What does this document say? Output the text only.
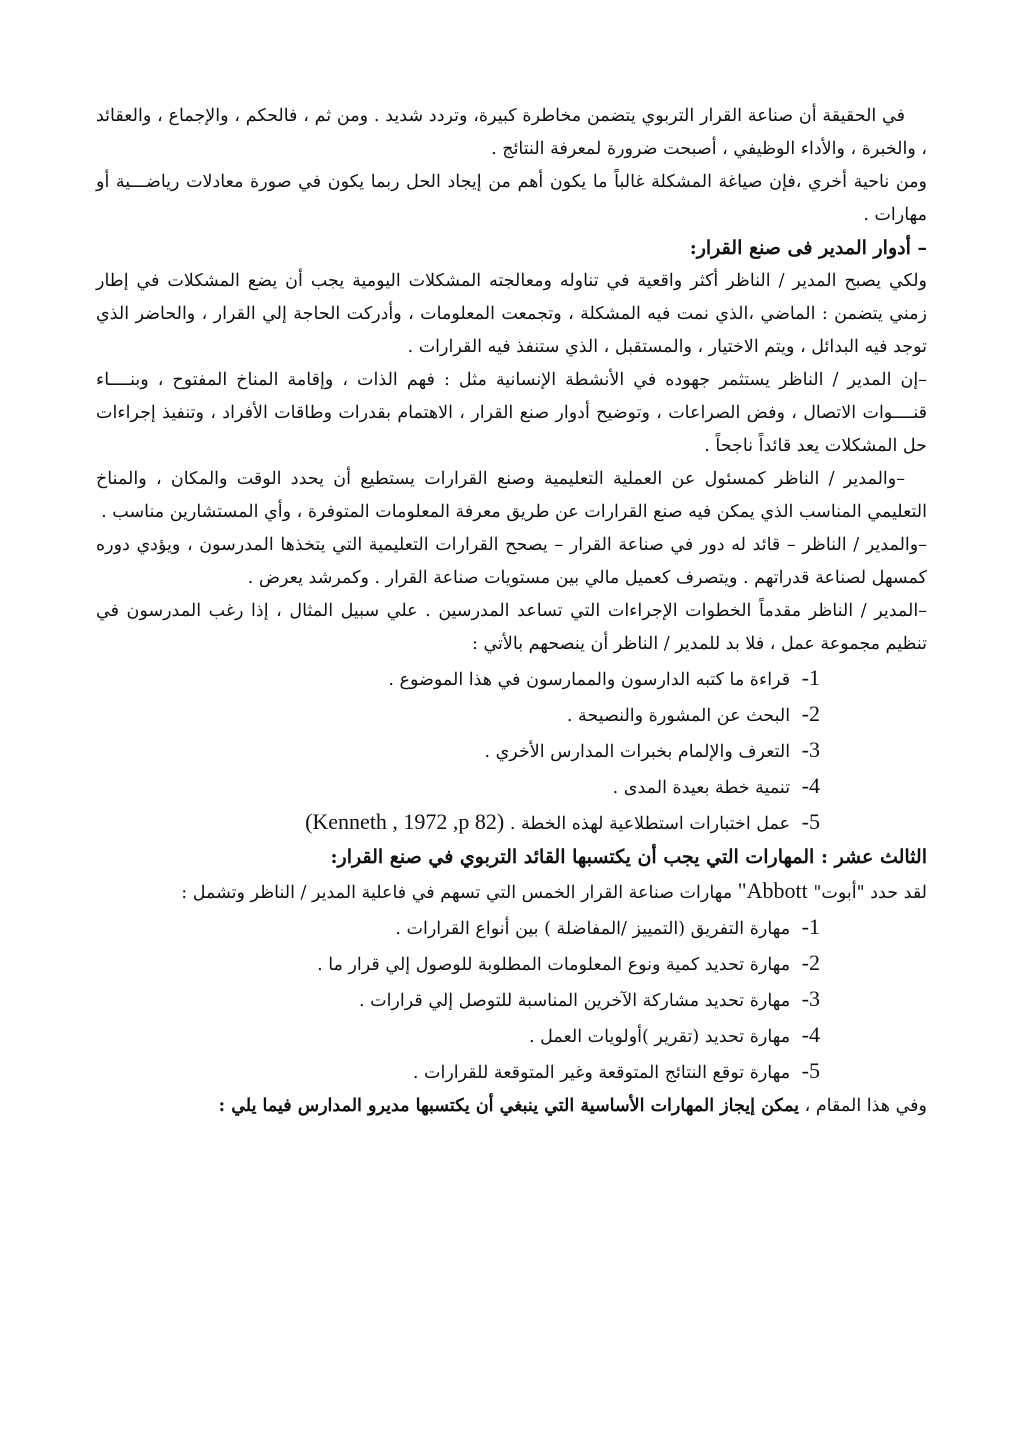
في الحقيقة أن صناعة القرار التربوي يتضمن مخاطرة كبيرة، وتردد شديد . ومن ثم ، فالحكم ، والإجماع ، والعقائد ، والخبرة ، والأداء الوظيفي ، أصبحت ضرورة لمعرفة النتائج .

ومن ناحية أخري ،فإن صياغة المشكلة غالباً ما يكون أهم من إيجاد الحل ربما يكون في صورة معادلات رياضـــية أو مهارات .

– أدوار المدير فى صنع القرار:

ولكي يصبح المدير / الناظر أكثر واقعية في تناوله ومعالجته المشكلات اليومية يجب أن يضع المشكلات في إطار زمني يتضمن : الماضي ،الذي نمت فيه المشكلة ، وتجمعت المعلومات ، وأدركت الحاجة إلي القرار ، والحاضر الذي توجد فيه البدائل ، ويتم الاختيار ، والمستقبل ، الذي ستنفذ فيه القرارات .

–إن المدير / الناظر يستثمر جهوده في الأنشطة الإنسانية مثل : فهم الذات ، وإقامة المناخ المفتوح ، وبنــــاء قنــــوات الاتصال ، وفض الصراعات ، وتوضيح أدوار صنع القرار ، الاهتمام بقدرات وطاقات الأفراد ، وتنفيذ إجراءات حل المشكلات يعد قائداً ناجحاً .

–والمدير / الناظر كمسئول عن العملية التعليمية وصنع القرارات يستطيع أن يحدد الوقت والمكان ، والمناخ التعليمي المناسب الذي يمكن فيه صنع القرارات عن طريق معرفة المعلومات المتوفرة ، وأي المستشارين مناسب .

–والمدير / الناظر – قائد له دور في صناعة القرار – يصحح القرارات التعليمية التي يتخذها المدرسون ، ويؤدي دوره كمسهل لصناعة قدراتهم . ويتصرف كعميل مالي بين مستويات صناعة القرار . وكمرشد يعرض .

–المدير / الناظر مقدماً الخطوات الإجراءات التي تساعد المدرسين . علي سبيل المثال ، إذا رغب المدرسون في تنظيم مجموعة عمل ، فلا بد للمدير / الناظر أن ينصحهم بالأتي :

1- قراءة ما كتبه الدارسون والممارسون في هذا الموضوع .
2- البحث عن المشورة والنصيحة .
3- التعرف والإلمام بخبرات المدارس الأخري .
4- تنمية خطة بعيدة المدى .
5- عمل اختبارات استطلاعية لهذه الخطة . (Kenneth , 1972 ,p 82)

الثالث عشر : المهارات التي يجب أن يكتسبها القائد التربوي في صنع القرار:

لقد حدد "أبوت" Abbott" مهارات صناعة القرار الخمس التي تسهم في فاعلية المدير / الناظر وتشمل :

1- مهارة التفريق (التمييز /المفاضلة ) بين أنواع القرارات .
2- مهارة تحديد كمية ونوع المعلومات المطلوبة للوصول إلي قرار ما .
3- مهارة تحديد مشاركة الآخرين المناسبة للتوصل إلي قرارات .
4- مهارة تحديد (تقرير )أولويات العمل .
5- مهارة توقع النتائج المتوقعة وغير المتوقعة للقرارات .

وفي هذا المقام ، يمكن إيجاز المهارات الأساسية التي ينبغي أن يكتسبها مديرو المدارس فيما يلي :
